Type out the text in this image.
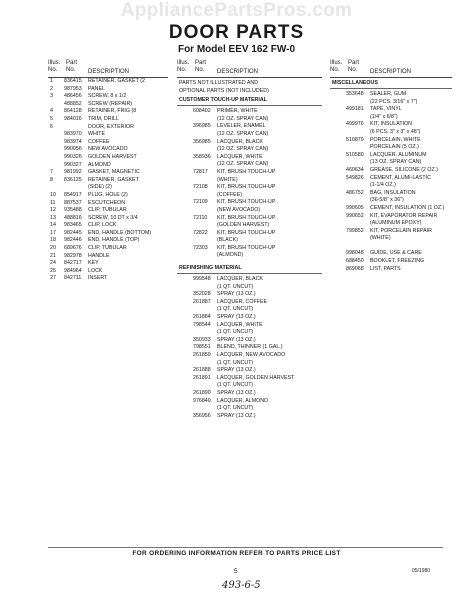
AppliancePartsPros.com
DOOR PARTS
For Model EEV 162 FW-0
Illus.
No.
Part
No. DESCRIPTION
1 836415 RETAINER, GASKET (2
2 987953 PANEL
3 486456 SCREW, 8 x 1/2
488852 SCREW (REPAIR)
4 864128 RETAINER, FRIG (8
5 984016 TRIM, DRILL
6	DOOR, EXTERIOR
983970 WHITE
983974 COFFEE
990056 NEW AVOCADO
990326 GOLDEN HARVEST
990327 ALMOND
7 981992 GASKET, MAGNETIC
8 836125 RETAINER, GASKET
(SIDE) (2)
10 854917 PLUG, HOLE (2)
11 887537 ESCUTCHEON
12 935488 CLIP, TUBULAR
13 488816 SCREW, 10 DT x 3/4
14 983465 CLIP, LOCK
17 982445 END, HANDLE (BOTTOM)
18 982446 END, HANDLE (TOP)
20 689676 CLIP, TUBULAR
21 982978 HANDLE
24 842717 KEY
25 984964 LOCK
27 842711 INSERT
Illus.
No.
Part
No. DESCRIPTION
PARTS NOT ILLUSTRATED AND
OPTIONAL PARTS (NOT INCLUDED)
CUSTOMER TOUCH-UP MATERIAL
608402 PRIMER, WHITE
(12 OZ. SPRAY CAN)
396985 LEVELER, ENAMEL
(12 OZ. SPRAY CAN)
356985 LACQUER, BLACK
(12 OZ. SPRAY CAN)
358936 LACQUER, WHITE
(12 OZ. SPRAY CAN)
72817 KIT, BRUSH TOUCH-UP
(WHITE)
72108 KIT, BRUSH TOUCH-UP
(COFFEE)
72109 KIT, BRUSH TOUCH-UP
(NEW AVOCADO)
72110 KIT, BRUSH TOUCH-UP
(GOLDEN HARVEST)
72822 KIT, BRUSH TOUCH-UP
(BLACK)
72303 KIT, BRUSH TOUCH-UP
(ALMOND)
REFINISHING MATERIAL
999548 LACQUER, BLACK
(1 QT. UNCUT)
352028 SPRAY (13 OZ.)
261887 LACQUER, COFFEE
(1 QT. UNCUT)
261884 SPRAY (13 OZ.)
798544 LACQUER, WHITE
(1 QT. UNCUT)
350933 SPRAY (13 OZ.)
798551 BLEND, THINNER (1 GAL.)
261859 LACQUER, NEW AVOCADO
(1 QT. UNCUT)
261888 SPRAY (13 OZ.)
261891 LACQUER, GOLDEN HARVEST
(1 QT. UNCUT)
261890 SPRAY (13 OZ.)
976840 LACQUER, ALMOND
(1 QT. UNCUT)
356956 SPRAY (13 OZ.)
Illus.
No.
Part
No. DESCRIPTION
MISCELLANEOUS
353648 SEALER, GUM
(22 PCS. 3/16" x 7")
499181 TAPE, VINYL
(1/4" x 6/8")
499976 KIT, INSULATION
(6 PCS. 3" x 3" x 48")
510879 PORCELAIN, WHITE
PORCELAIN (5 OZ.)
510580 LACQUER, ALUMINUM
(13 OZ. SPRAY CAN)
460634 GREASE, SILICONE (2 OZ.)
549826 CEMENT, ALUMI-LASTIC
(1-1/4 OZ.)
486752 BAG, INSULATION
(36-5/8" x 36")
990605 CEMENT, INSULATION (1 OZ.)
990652 KIT, EVAPORATOR REPAIR
(ALUMINUM EPOXY)
799852 KIT, PORCELAIN REPAIR
(WHITE)
998048 GUIDE, USE & CARE
688450 BOOKLET, FREEZING
869068 LIST, PARTS
FOR ORDERING INFORMATION REFER TO PARTS PRICE LIST
5	05/1980
493-6-5
